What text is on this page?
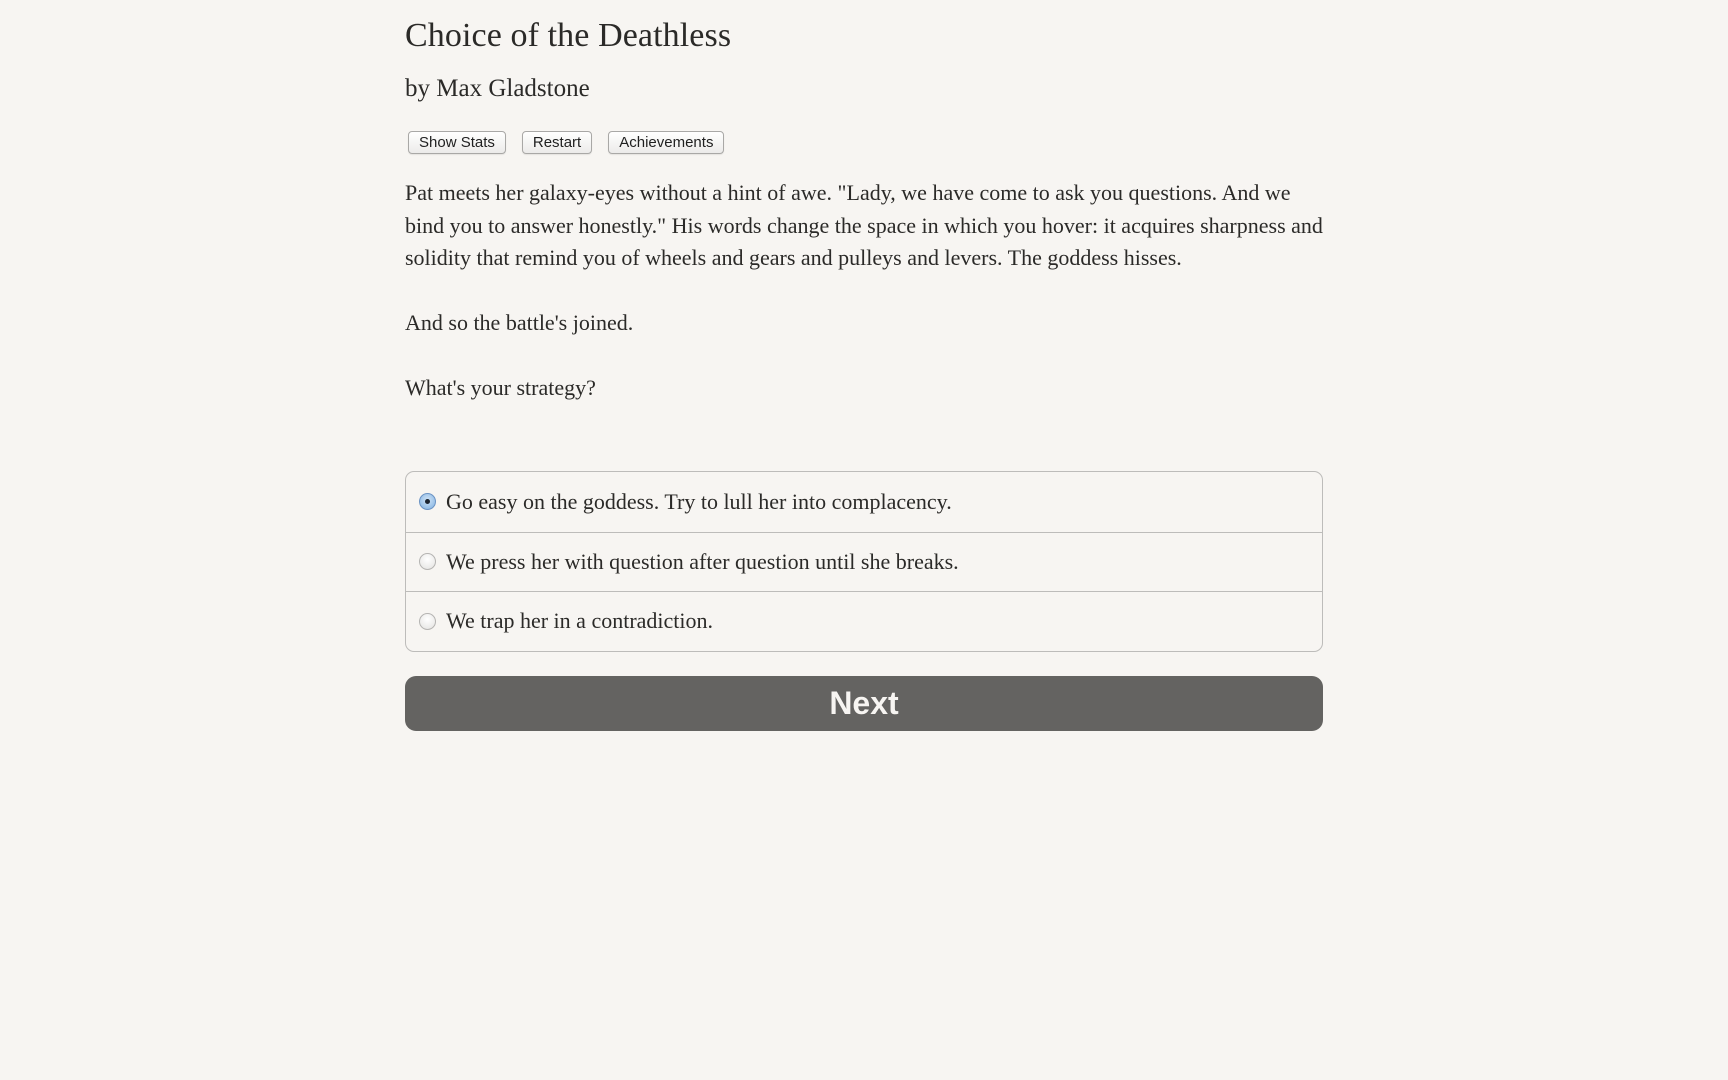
Choice of the Deathless
by Max Gladstone
Show Stats	Restart	Achievements

Pat meets her galaxy-eyes without a hint of awe. "Lady, we have come to ask you questions. And we bind you to answer honestly." His words change the space in which you hover: it acquires sharpness and solidity that remind you of wheels and gears and pulleys and levers. The goddess hisses.

And so the battle's joined.

What's your strategy?

Go easy on the goddess. Try to lull her into complacency.
We press her with question after question until she breaks.
We trap her in a contradiction.
Next
